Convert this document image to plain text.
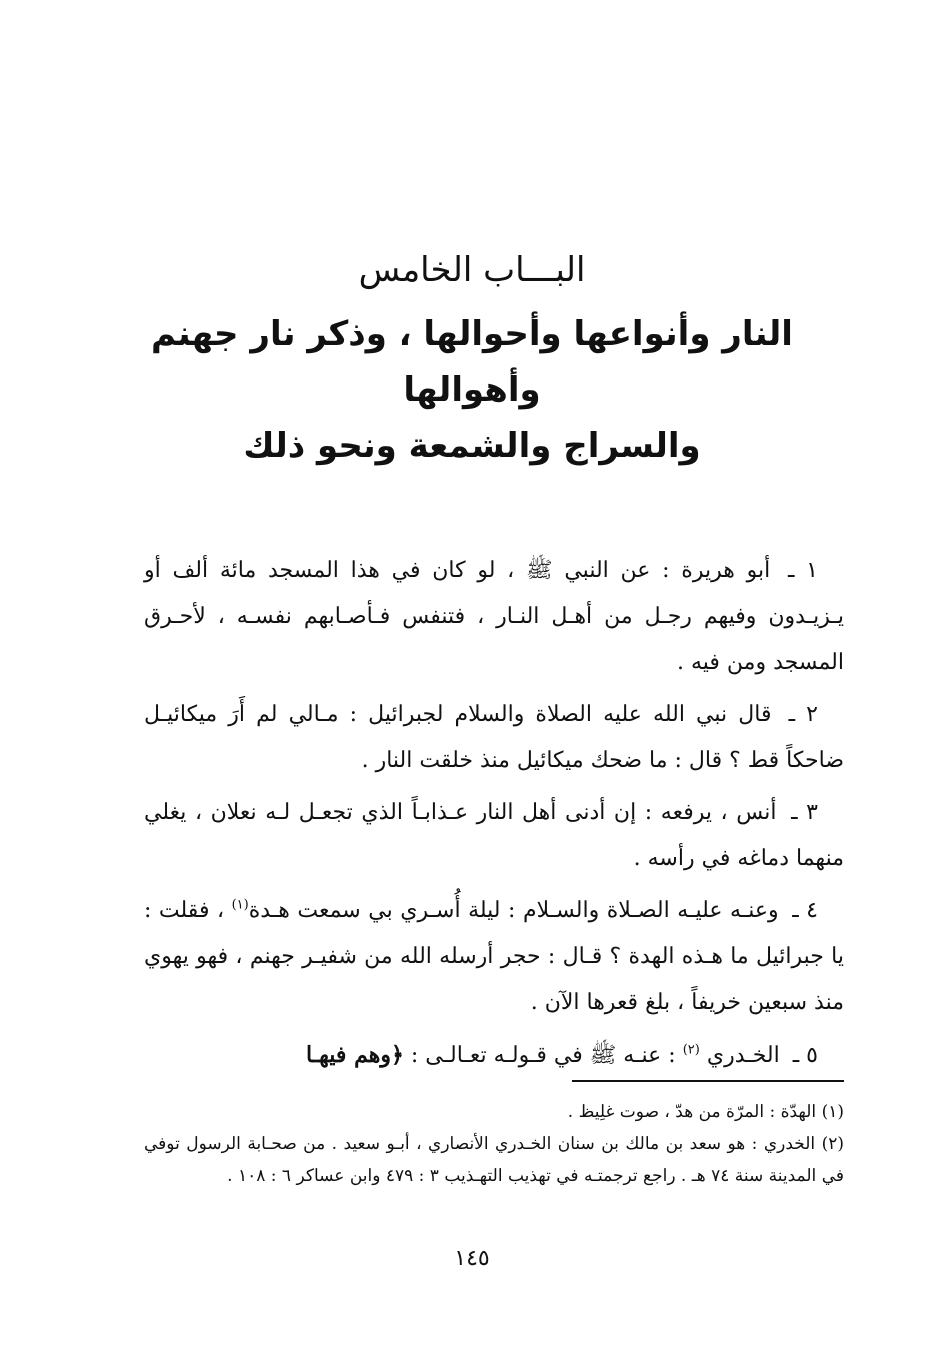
البـــاب الخامس
النار وأنواعها وأحوالها ، وذكر نار جهنم وأهوالها
والسراج والشمعة ونحو ذلك

١ ـ أبو هريرة : عن النبي ﷺ ، لو كان في هذا المسجد مائة ألف أو يـزيـدون وفيهم رجـل من أهـل النـار ، فتنفس فـأصـابهم نفسـه ، لأحـرق المسجد ومن فيه .

٢ ـ قال نبي الله عليه الصلاة والسلام لجبرائيل : مـالي لم أَرَ ميكائيـل ضاحكاً قط ؟ قال : ما ضحك ميكائيل منذ خلقت النار .

٣ ـ أنس ، يرفعه : إن أدنى أهل النار عـذابـاً الذي تجعـل لـه نعلان ، يغلي منهما دماغه في رأسه .

٤ ـ وعنـه عليـه الصـلاة والسـلام : ليلة أُسـري بي سمعت هـدة$^{(١)}$ ، فقلت : يا جبرائيل ما هـذه الهدة ؟ قـال : حجر أرسله الله من شفيـر جهنم ، فهو يهوي منذ سبعين خريفاً ، بلغ قعرها الآن .

٥ ـ الخـدري $^{(٢)}$ : عنـه ﷺ في قـولـه تعـالـى : ﴿وهم فيهـا

(١) الهدّة : المرّة من هدّ ، صوت غلِيظ .

(٢) الخدري : هو سعد بن مالك بن سنان الخـدري الأنصاري ، أبـو سعيد . من صحـابة الرسول توفي في المدينة سنة ٧٤ هـ . راجع ترجمتـه في تهذيب التهـذيب ٣ : ٤٧٩ وابن عساكر ٦ : ١٠٨ .

١٤٥
